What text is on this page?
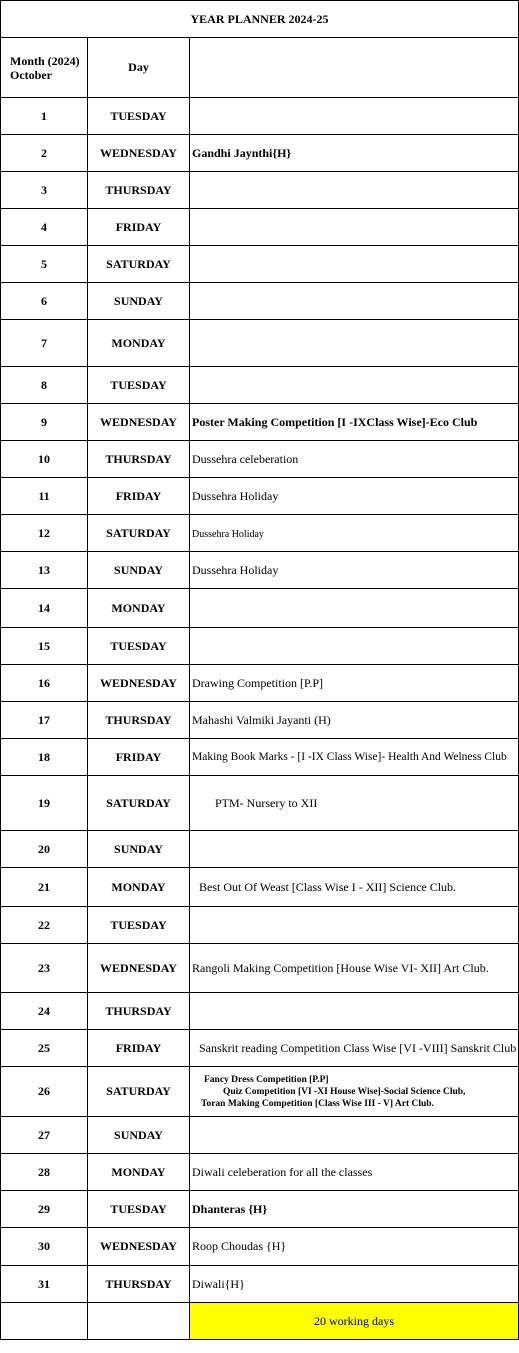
YEAR PLANNER 2024-25		

Month (2024)
October	Day	
1	TUESDAY	
2	WEDNESDAY	Gandhi Jaynthi{H}
3	THURSDAY	
4	FRIDAY	
5	SATURDAY	
6	SUNDAY	
7	MONDAY	
8	TUESDAY	
9	WEDNESDAY	Poster Making Competition [I -IXClass Wise]-Eco Club
10	THURSDAY	Dussehra celeberation
11	FRIDAY	Dussehra Holiday
12	SATURDAY	Dussehra Holiday
13	SUNDAY	Dussehra Holiday
14	MONDAY	
15	TUESDAY	
16	WEDNESDAY	Drawing Competition [P.P]
17	THURSDAY	Mahashi Valmiki Jayanti (H)
18	FRIDAY	Making Book Marks - [I -IX Class Wise]- Health And Welness Club
19	SATURDAY	PTM- Nursery to XII
20	SUNDAY	
21	MONDAY	Best Out Of Weast [Class Wise I - XII] Science Club.
22	TUESDAY	
23	WEDNESDAY	Rangoli Making Competition [House Wise VI- XII] Art Club.
24	THURSDAY	
25	FRIDAY	Sanskrit reading Competition Class Wise [VI -VIII] Sanskrit Club
26	SATURDAY	Fancy Dress Competition [P.P]
Quiz Competition [VI -XI House Wise]-Social Science Club,
Toran Making Competition [Class Wise III - V] Art Club.

27	SUNDAY	
28	MONDAY	Diwali celeberation for all the classes
29	TUESDAY	Dhanteras {H}
30	WEDNESDAY	Roop Choudas {H}
31	THURSDAY	Diwali{H}
		20 working days
